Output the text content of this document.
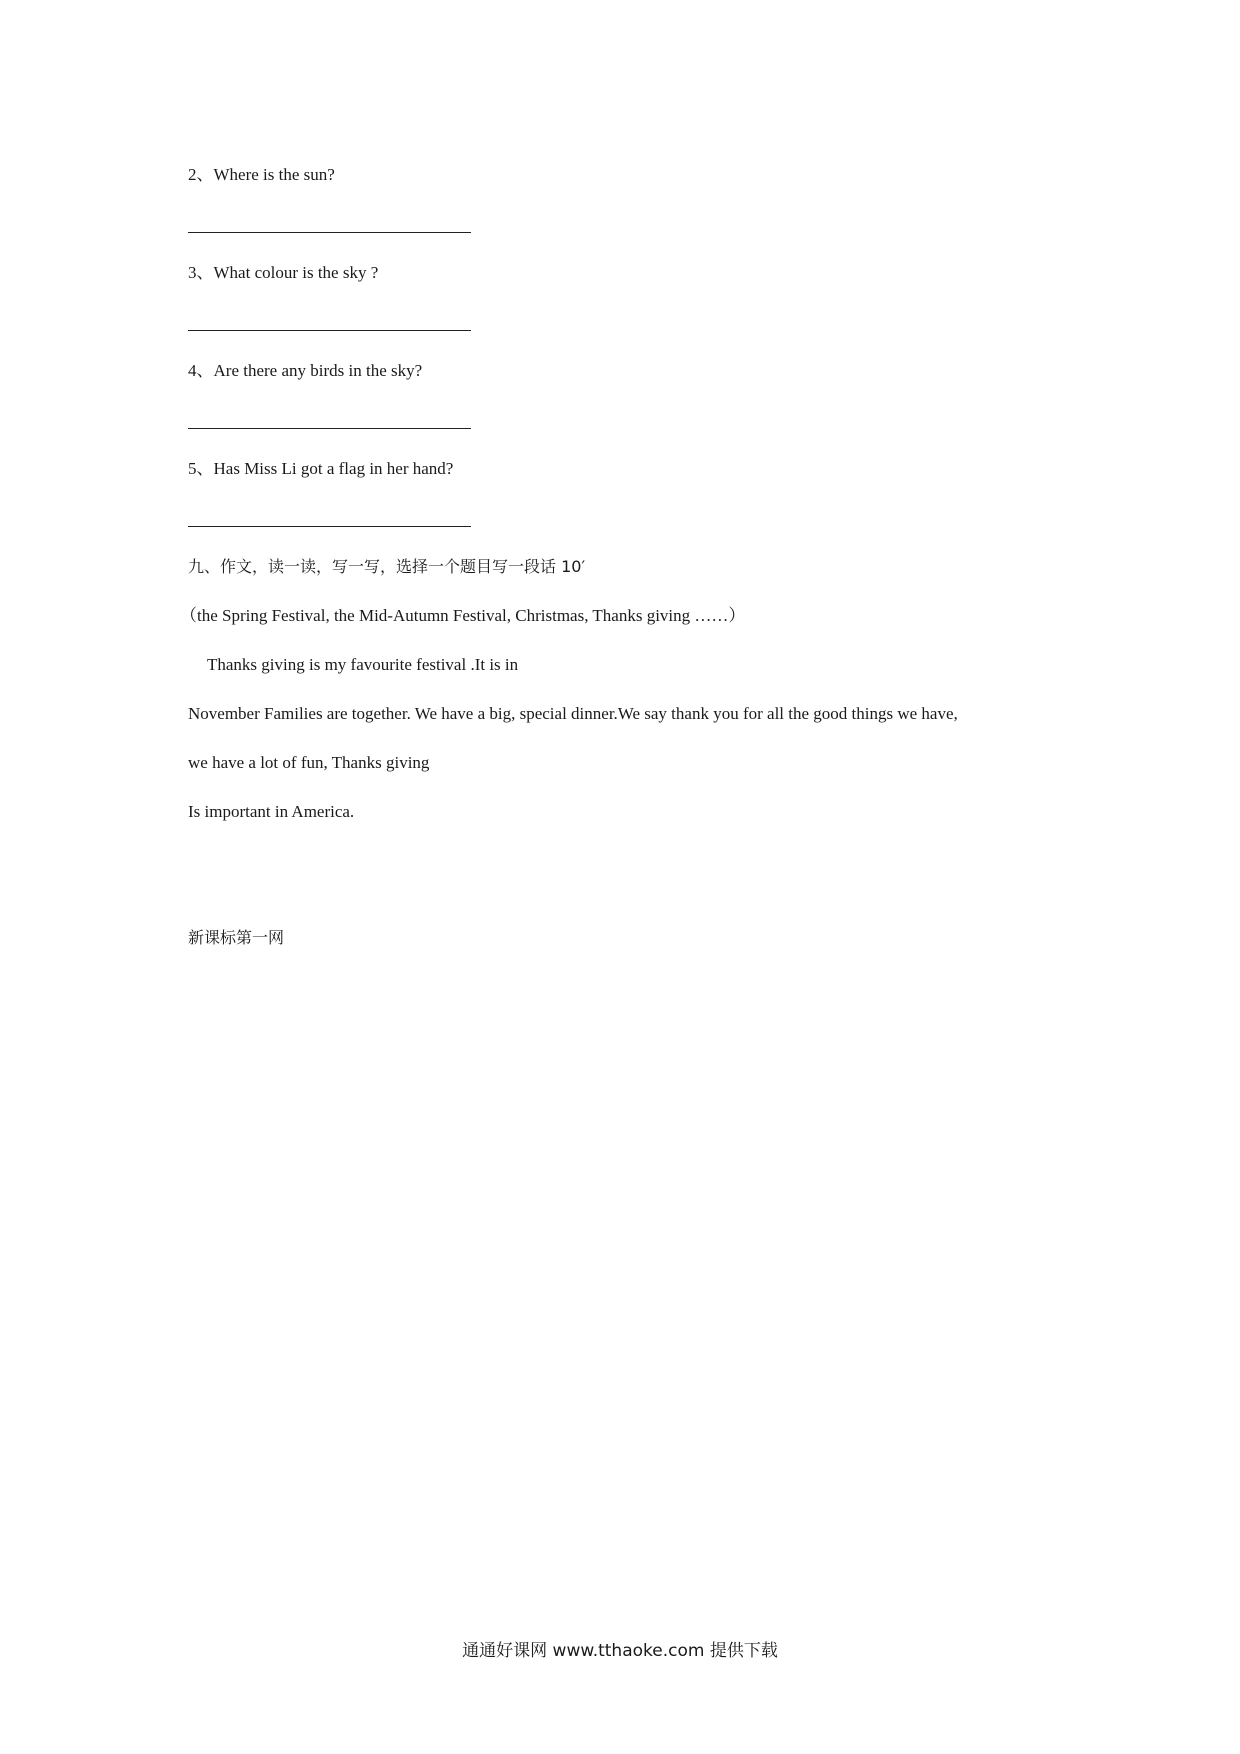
2、Where is the sun?
3、What colour is the sky ?
4、Are there any birds in the sky?
5、Has Miss Li got a flag in her hand?
九、作文，读一读，写一写，选择一个题目写一段话 10′
（the Spring Festival, the Mid-Autumn Festival, Christmas, Thanks giving ……）
Thanks giving is my favourite festival .It is in
November Families are together. We have a big, special dinner.We say thank you for all the good things we have,
we have a lot of fun, Thanks giving
Is important in America.
新课标第一网
通通好课网 www.tthaoke.com 提供下载
